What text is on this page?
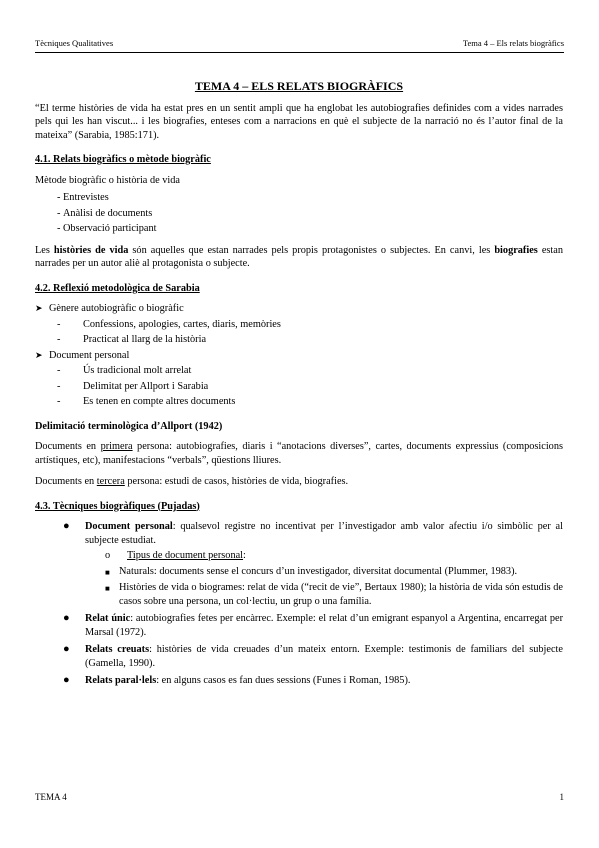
Tècniques Qualitatives	Tema 4 – Els relats biogràfics
TEMA 4 – ELS RELATS BIOGRÀFICS

“El terme històries de vida ha estat pres en un sentit ampli que ha englobat les autobiografies definides com a vides narrades pels qui les han viscut... i les biografies, enteses com a narracions en què el subjecte de la narració no és l’autor final de la mateixa” (Sarabia, 1985:171).

4.1. Relats biogràfics o mètode biogràfic

Mètode biogràfic o història de vida

- Entrevistes
- Anàlisi de documents
- Observació participant

Les històries de vida són aquelles que estan narrades pels propis protagonistes o subjectes. En canvi, les biografies estan narrades per un autor aliè al protagonista o subjecte.

4.2. Reflexió metodològica de Sarabia
➤ Gènere autobiogràfic o biogràfic
-	Confessions, apologies, cartes, diaris, memòries
-	Practicat al llarg de la història
➤ Document personal
-	Ús tradicional molt arrelat
-	Delimitat per Allport i Sarabia
-	Es tenen en compte altres documents
Delimitació terminològica d’Allport (1942)

Documents en primera persona: autobiografies, diaris i “anotacions diverses”, cartes, documents expressius (composicions artístiques, etc), manifestacions “verbals”, qüestions lliures.

Documents en tercera persona: estudi de casos, històries de vida, biografies.

4.3. Tècniques biogràfiques (Pujadas)
●	Document personal: qualsevol registre no incentivat per l’investigador amb valor afectiu i/o simbòlic per al subjecte estudiat.
o	Tipus de document personal:
■ Naturals: documents sense el concurs d’un investigador, diversitat documental (Plummer, 1983).
■ Històries de vida o biogrames: relat de vida (“recit de vie”, Bertaux 1980); la història de vida són estudis de casos sobre una persona, un col·lectiu, un grup o una família.
●	Relat únic: autobiografies fetes per encàrrec. Exemple: el relat d’un emigrant espanyol a Argentina, encarregat per Marsal (1972).
●	Relats creuats: històries de vida creuades d’un mateix entorn. Exemple: testimonis de familiars del subjecte (Gamella, 1990).
●	Relats paral·lels: en alguns casos es fan dues sessions (Funes i Roman, 1985).
TEMA 4	1
